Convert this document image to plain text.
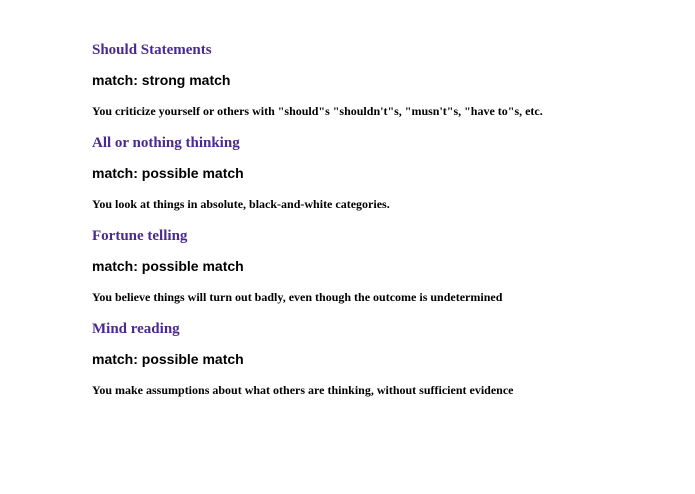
Should Statements
match: strong match
You criticize yourself or others with "should"s "shouldn't"s, "musn't"s, "have to"s, etc.
All or nothing thinking
match: possible match
You look at things in absolute, black-and-white categories.
Fortune telling
match: possible match
You believe things will turn out badly, even though the outcome is undetermined
Mind reading
match: possible match
You make assumptions about what others are thinking, without sufficient evidence
